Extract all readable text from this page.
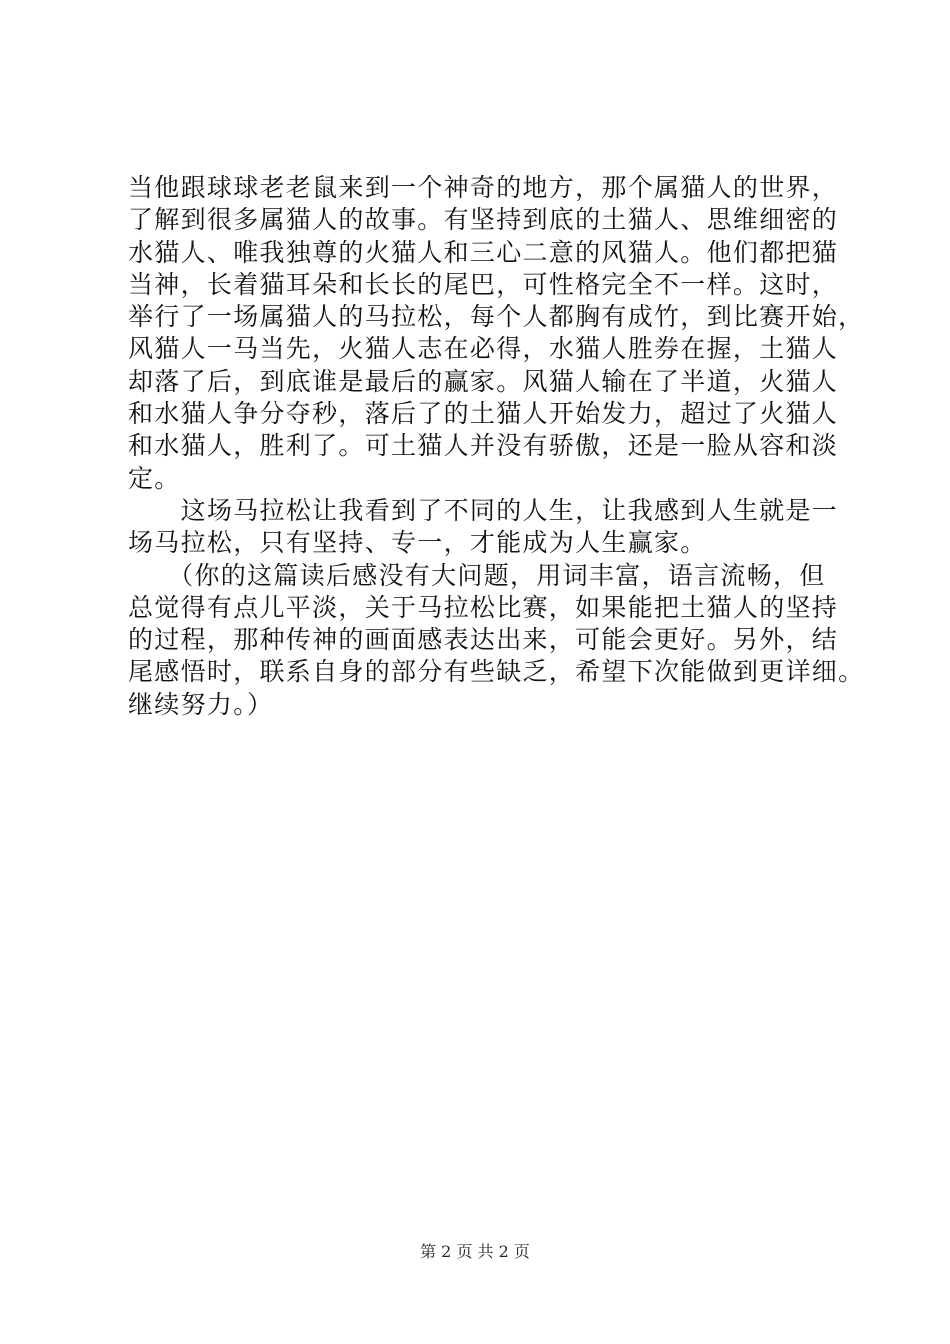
当他跟球球老老鼠来到一个神奇的地方，那个属猫人的世界，
了解到很多属猫人的故事。有坚持到底的土猫人、思维细密的
水猫人、唯我独尊的火猫人和三心二意的风猫人。他们都把猫
当神，长着猫耳朵和长长的尾巴，可性格完全不一样。这时，
举行了一场属猫人的马拉松，每个人都胸有成竹，到比赛开始，
风猫人一马当先，火猫人志在必得，水猫人胜券在握，土猫人
却落了后，到底谁是最后的赢家。风猫人输在了半道，火猫人
和水猫人争分夺秒，落后了的土猫人开始发力，超过了火猫人
和水猫人，胜利了。可土猫人并没有骄傲，还是一脸从容和淡
定。
　　这场马拉松让我看到了不同的人生，让我感到人生就是一
场马拉松，只有坚持、专一，才能成为人生赢家。
　　（你的这篇读后感没有大问题，用词丰富，语言流畅，但
总觉得有点儿平淡，关于马拉松比赛，如果能把土猫人的坚持
的过程，那种传神的画面感表达出来，可能会更好。另外，结
尾感悟时，联系自身的部分有些缺乏，希望下次能做到更详细。
继续努力。）
第 2 页 共 2 页
